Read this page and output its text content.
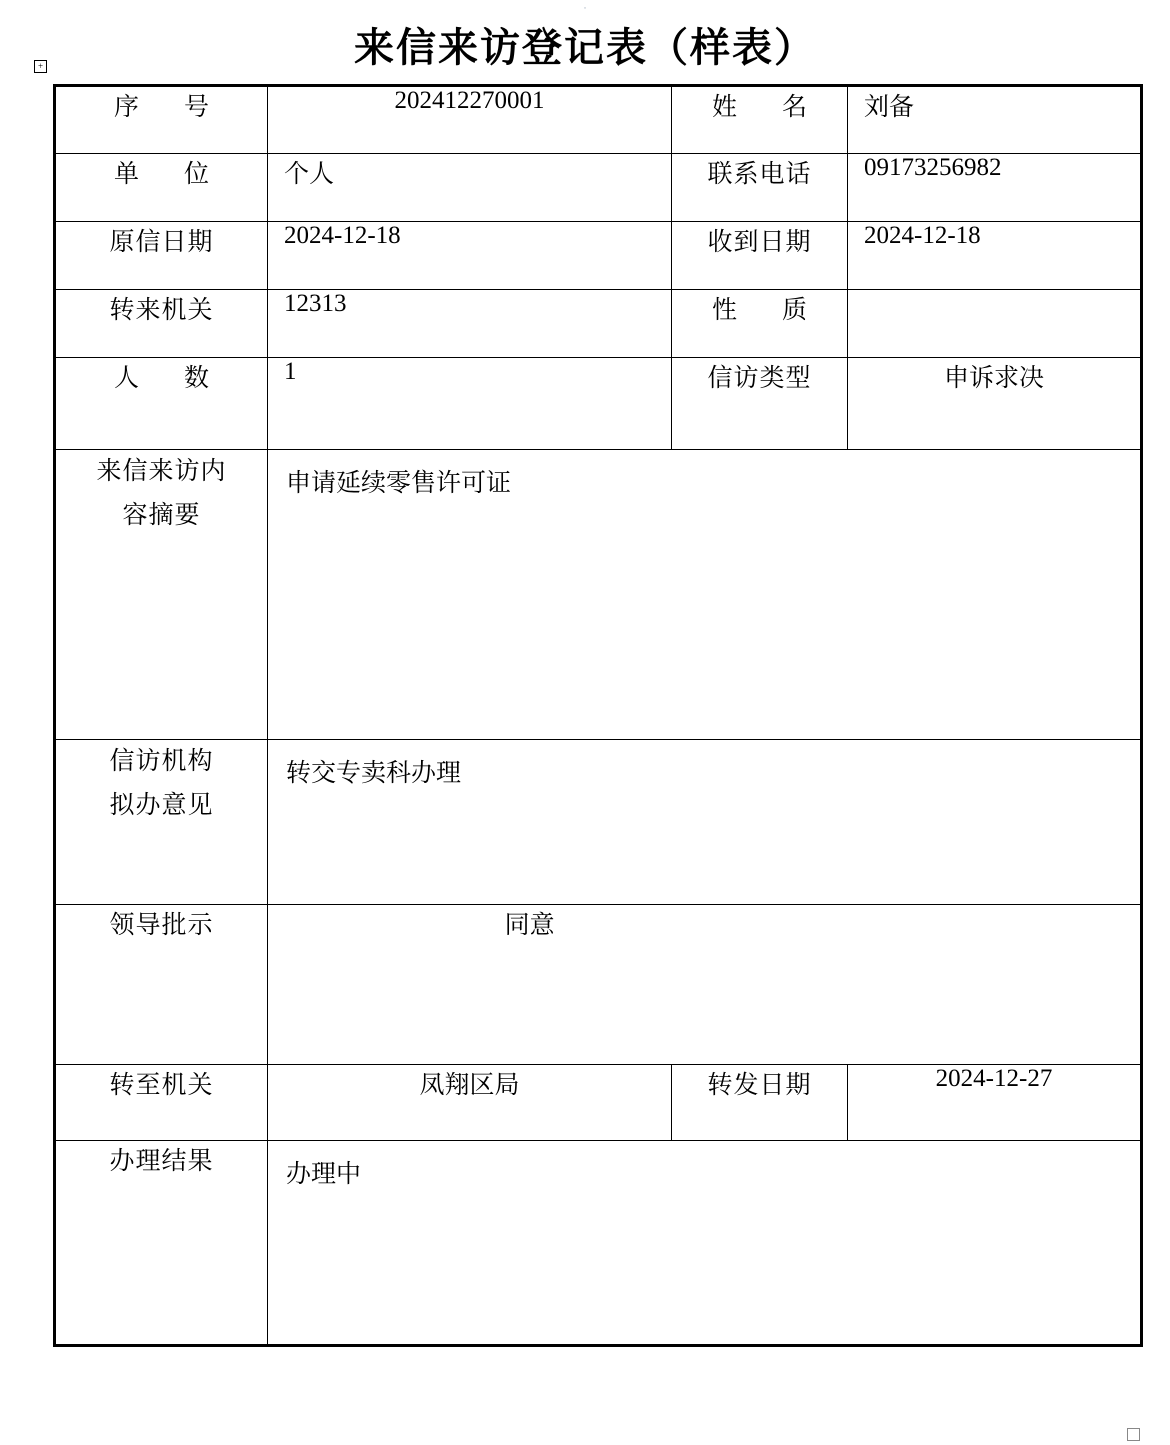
˙
+	来信来访登记表（样表）
序　号	202412270001	姓　名	刘备

单　位	个人	联系电话	09173256982

原信日期	2024-12-18	收到日期	2024-12-18

转来机关	12313	性　质	

人　数	1	信访类型	申诉求决

来信来访内
容摘要	申请延续零售许可证		

信访机构
拟办意见	转交专卖科办理		

领导批示	同意		

转至机关	凤翔区局	转发日期	2024-12-27

办理结果	办理中		
